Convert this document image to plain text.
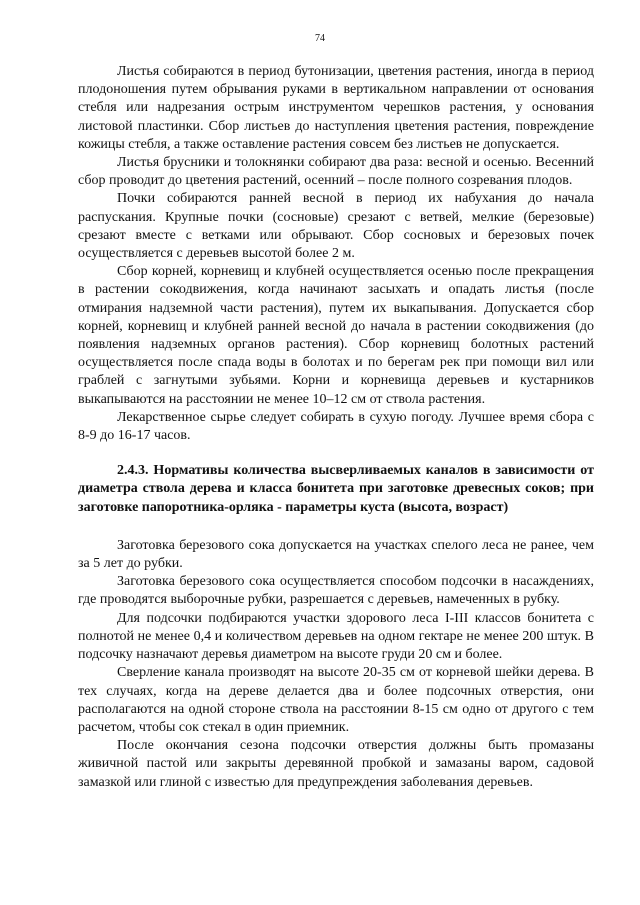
74

Листья собираются в период бутонизации, цветения растения, иногда в период плодоношения путем обрывания руками в вертикальном направлении от основания стебля или надрезания острым инструментом черешков растения, у основания листовой пластинки. Сбор листьев до наступления цветения растения, повреждение кожицы стебля, а также оставление растения совсем без листьев не допускается.

Листья брусники и толокнянки собирают два раза: весной и осенью. Весенний сбор проводит до цветения растений, осенний – после полного созревания плодов.

Почки собираются ранней весной в период их набухания до начала распускания. Крупные почки (сосновые) срезают с ветвей, мелкие (березовые) срезают вместе с ветками или обрывают. Сбор сосновых и березовых почек осуществляется с деревьев высотой более 2 м.

Сбор корней, корневищ и клубней осуществляется осенью после прекращения в растении сокодвижения, когда начинают засыхать и опадать листья (после отмирания надземной части растения), путем их выкапывания. Допускается сбор корней, корневищ и клубней ранней весной до начала в растении сокодвижения (до появления надземных органов растения). Сбор корневищ болотных растений осуществляется после спада воды в болотах и по берегам рек при помощи вил или граблей с загнутыми зубьями. Корни и корневища деревьев и кустарников выкапываются на расстоянии не менее 10–12 см от ствола растения.

Лекарственное сырье следует собирать в сухую погоду. Лучшее время сбора с 8-9 до 16-17 часов.

2.4.3. Нормативы количества высверливаемых каналов в зависимости от диаметра ствола дерева и класса бонитета при заготовке древесных соков; при заготовке папоротника-орляка - параметры куста (высота, возраст)

Заготовка березового сока допускается на участках спелого леса не ранее, чем за 5 лет до рубки.

Заготовка березового сока осуществляется способом подсочки в насаждениях, где проводятся выборочные рубки, разрешается с деревьев, намеченных в рубку.

Для подсочки подбираются участки здорового леса I-III классов бонитета с полнотой не менее 0,4 и количеством деревьев на одном гектаре не менее 200 штук. В подсочку назначают деревья диаметром на высоте груди 20 см и более.

Сверление канала производят на высоте 20-35 см от корневой шейки дерева. В тех случаях, когда на дереве делается два и более подсочных отверстия, они располагаются на одной стороне ствола на расстоянии 8-15 см одно от другого с тем расчетом, чтобы сок стекал в один приемник.

После окончания сезона подсочки отверстия должны быть промазаны живичной пастой или закрыты деревянной пробкой и замазаны варом, садовой замазкой или глиной с известью для предупреждения заболевания деревьев.
